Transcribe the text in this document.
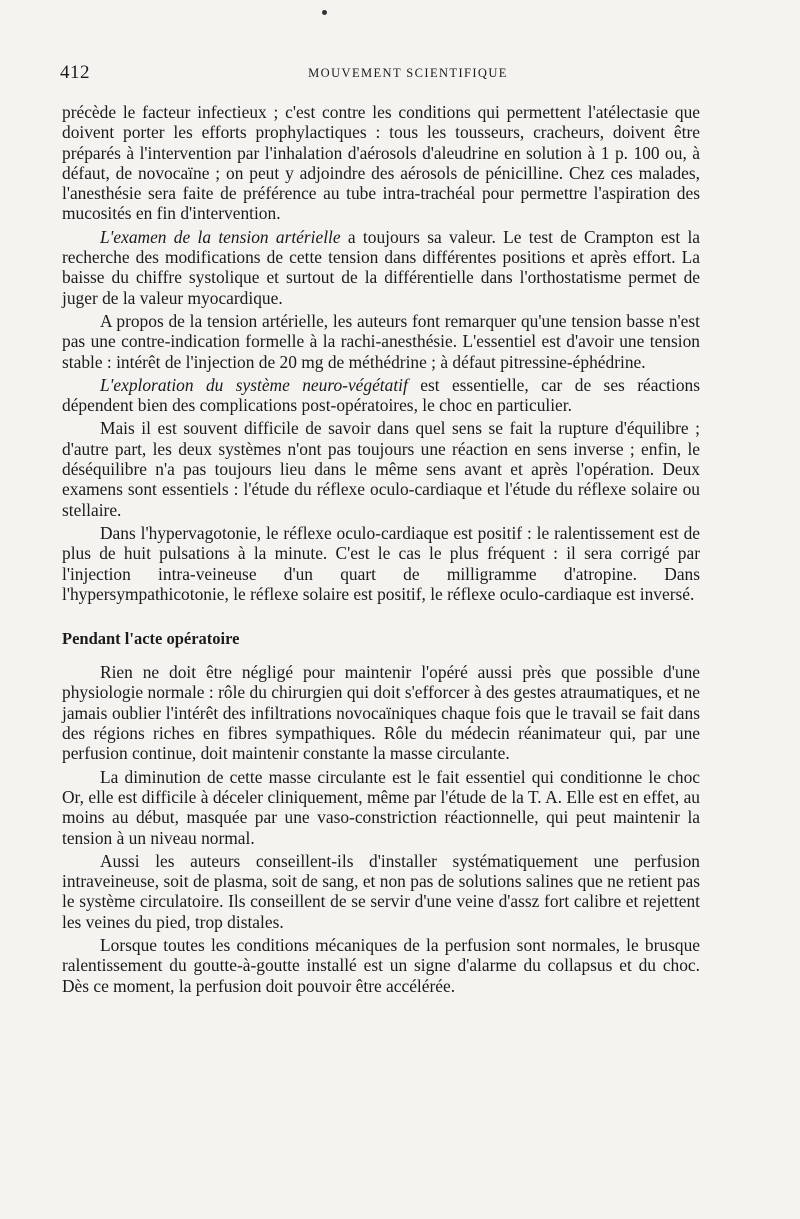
412	MOUVEMENT SCIENTIFIQUE

précède le facteur infectieux ; c'est contre les conditions qui permettent l'atélectasie que doivent porter les efforts prophylactiques : tous les tousseurs, cracheurs, doivent être préparés à l'intervention par l'inhalation d'aérosols d'aleudrine en solution à 1 p. 100 ou, à défaut, de novocaïne ; on peut y adjoindre des aérosols de pénicilline. Chez ces malades, l'anesthésie sera faite de préférence au tube intra-trachéal pour permettre l'aspiration des mucosités en fin d'intervention.

L'examen de la tension artérielle a toujours sa valeur. Le test de Crampton est la recherche des modifications de cette tension dans différentes positions et après effort. La baisse du chiffre systolique et surtout de la différentielle dans l'orthostatisme permet de juger de la valeur myocardique.

A propos de la tension artérielle, les auteurs font remarquer qu'une tension basse n'est pas une contre-indication formelle à la rachi-anesthésie. L'essentiel est d'avoir une tension stable : intérêt de l'injection de 20 mg de méthédrine ; à défaut pitressine-éphédrine.

L'exploration du système neuro-végétatif est essentielle, car de ses réactions dépendent bien des complications post-opératoires, le choc en particulier.

Mais il est souvent difficile de savoir dans quel sens se fait la rupture d'équilibre ; d'autre part, les deux systèmes n'ont pas toujours une réaction en sens inverse ; enfin, le déséquilibre n'a pas toujours lieu dans le même sens avant et après l'opération. Deux examens sont essentiels : l'étude du réflexe oculo-cardiaque et l'étude du réflexe solaire ou stellaire.

Dans l'hypervagotonie, le réflexe oculo-cardiaque est positif : le ralentissement est de plus de huit pulsations à la minute. C'est le cas le plus fréquent : il sera corrigé par l'injection intra-veineuse d'un quart de milligramme d'atropine. Dans l'hypersympathicotonie, le réflexe solaire est positif, le réflexe oculo-cardiaque est inversé.

Pendant l'acte opératoire

Rien ne doit être négligé pour maintenir l'opéré aussi près que possible d'une physiologie normale : rôle du chirurgien qui doit s'efforcer à des gestes atraumatiques, et ne jamais oublier l'intérêt des infiltrations novocaïniques chaque fois que le travail se fait dans des régions riches en fibres sympathiques. Rôle du médecin réanimateur qui, par une perfusion continue, doit maintenir constante la masse circulante.

La diminution de cette masse circulante est le fait essentiel qui conditionne le choc Or, elle est difficile à déceler cliniquement, même par l'étude de la T. A. Elle est en effet, au moins au début, masquée par une vaso-constriction réactionnelle, qui peut maintenir la tension à un niveau normal.

Aussi les auteurs conseillent-ils d'installer systématiquement une perfusion intraveineuse, soit de plasma, soit de sang, et non pas de solutions salines que ne retient pas le système circulatoire. Ils conseillent de se servir d'une veine d'assz fort calibre et rejettent les veines du pied, trop distales.

Lorsque toutes les conditions mécaniques de la perfusion sont normales, le brusque ralentissement du goutte-à-goutte installé est un signe d'alarme du collapsus et du choc. Dès ce moment, la perfusion doit pouvoir être accélérée.
